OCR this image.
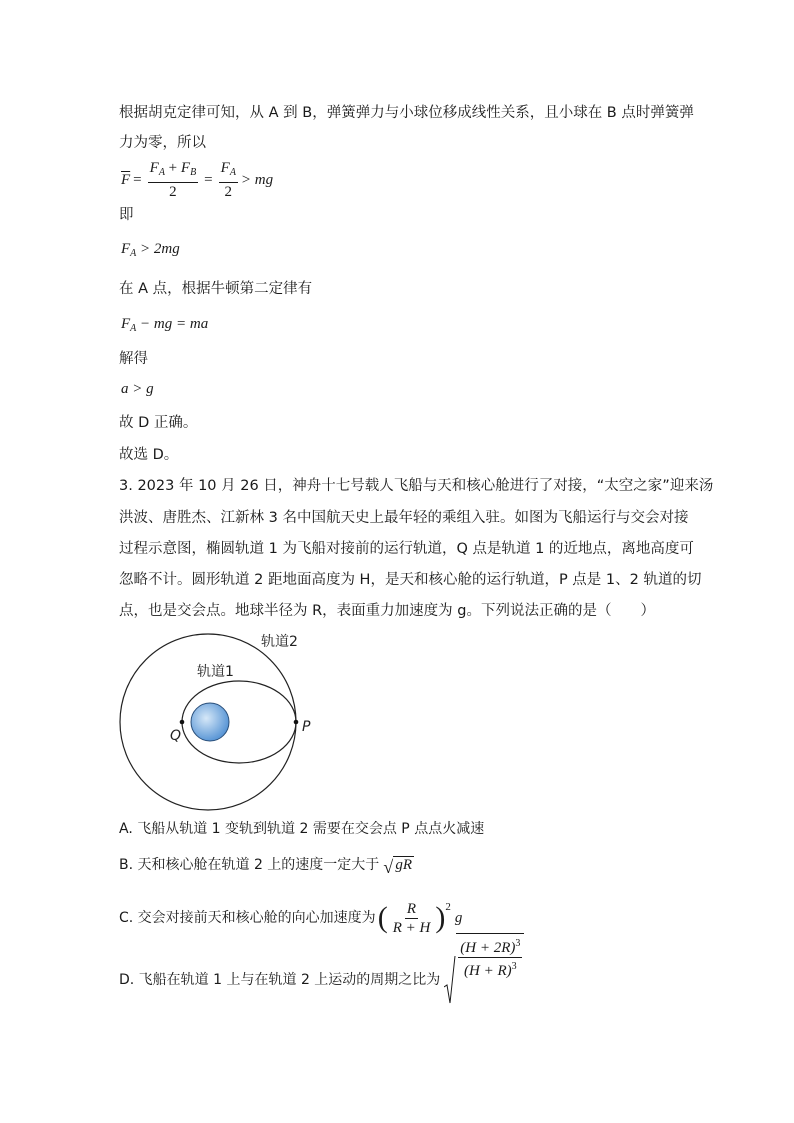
根据胡克定律可知，从 A 到 B，弹簧弹力与小球位移成线性关系，且小球在 B 点时弹簧弹
力为零，所以
$\overline{F} = \frac{F_A + F_B}{2} = \frac{F_A}{2}$ > mg
即
$F_A > 2mg$
在 A 点，根据牛顿第二定律有
$F_A$ − mg = ma
解得
a > g
故 D 正确。
故选 D。
3. 2023 年 10 月 26 日，神舟十七号载人飞船与天和核心舱进行了对接，“太空之家”迎来汤
洪波、唐胜杰、江新林 3 名中国航天史上最年轻的乘组入驻。如图为飞船运行与交会对接
过程示意图，椭圆轨道 1 为飞船对接前的运行轨道，Q 点是轨道 1 的近地点，离地高度可
忽略不计。圆形轨道 2 距地面高度为 H，是天和核心舱的运行轨道，P 点是 1、2 轨道的切
点，也是交会点。地球半径为 R，表面重力加速度为 g。下列说法正确的是（　　）
轨道2
轨道1
Q
P
A. 飞船从轨道 1 变轨到轨道 2 需要在交会点 P 点点火减速
B. 天和核心舱在轨道 2 上的速度一定大于 √ gR
C. 交会对接前天和核心舱的向心加速度为 ( $\frac{R}{R + H} )^2$
g
D. 飞船在轨道 1 上与在轨道 2 上运动的周期之比为
$\frac{(H + 2R)^3}{(H + R)^3}$
